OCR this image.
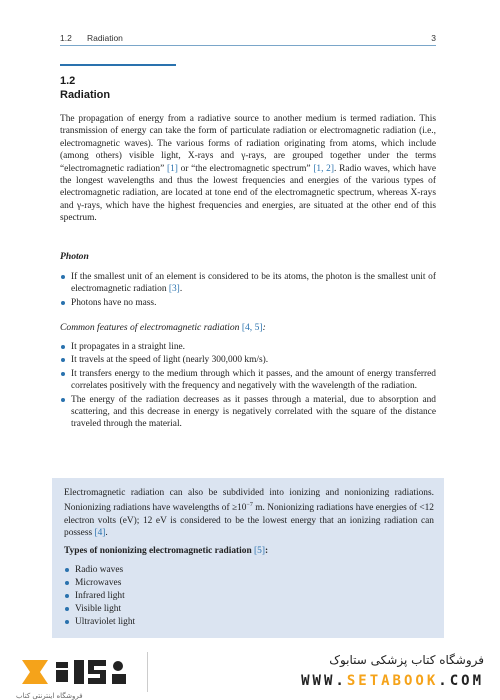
1.2 Radiation	3
1.2
Radiation
The propagation of energy from a radiative source to another medium is termed radiation. This transmission of energy can take the form of particulate radiation or electromagnetic radiation (i.e., electromagnetic waves). The various forms of radiation originating from atoms, which include (among others) visible light, X-rays and γ-rays, are grouped together under the terms “electromagnetic radiation” [1] or “the electromagnetic spectrum” [1, 2]. Radio waves, which have the longest wavelengths and thus the lowest frequencies and energies of the various types of electromagnetic radiation, are located at tone end of the electromagnetic spectrum, whereas X-rays and γ-rays, which have the highest frequencies and energies, are situated at the other end of this spectrum.
Photon
If the smallest unit of an element is considered to be its atoms, the photon is the smallest unit of electromagnetic radiation [3].
Photons have no mass.
Common features of electromagnetic radiation [4, 5]:
It propagates in a straight line.
It travels at the speed of light (nearly 300,000 km/s).
It transfers energy to the medium through which it passes, and the amount of energy transferred correlates positively with the frequency and negatively with the wavelength of the radiation.
The energy of the radiation decreases as it passes through a material, due to absorption and scattering, and this decrease in energy is negatively correlated with the square of the distance traveled through the material.
Electromagnetic radiation can also be subdivided into ionizing and nonionizing radiations. Nonionizing radiations have wavelengths of $\ge 10^{-7}$ m. Nonionizing radiations have energies of <12 electron volts (eV); 12 eV is considered to be the lowest energy that an ionizing radiation can possess [4].
Types of nonionizing electromagnetic radiation [5]:
Radio waves
Microwaves
Infrared light
Visible light
Ultraviolet light
فروشگاه اینترنتی کتاب
فروشگاه کتاب پزشکی ستابوک
WWW.SETABOOK.COM
